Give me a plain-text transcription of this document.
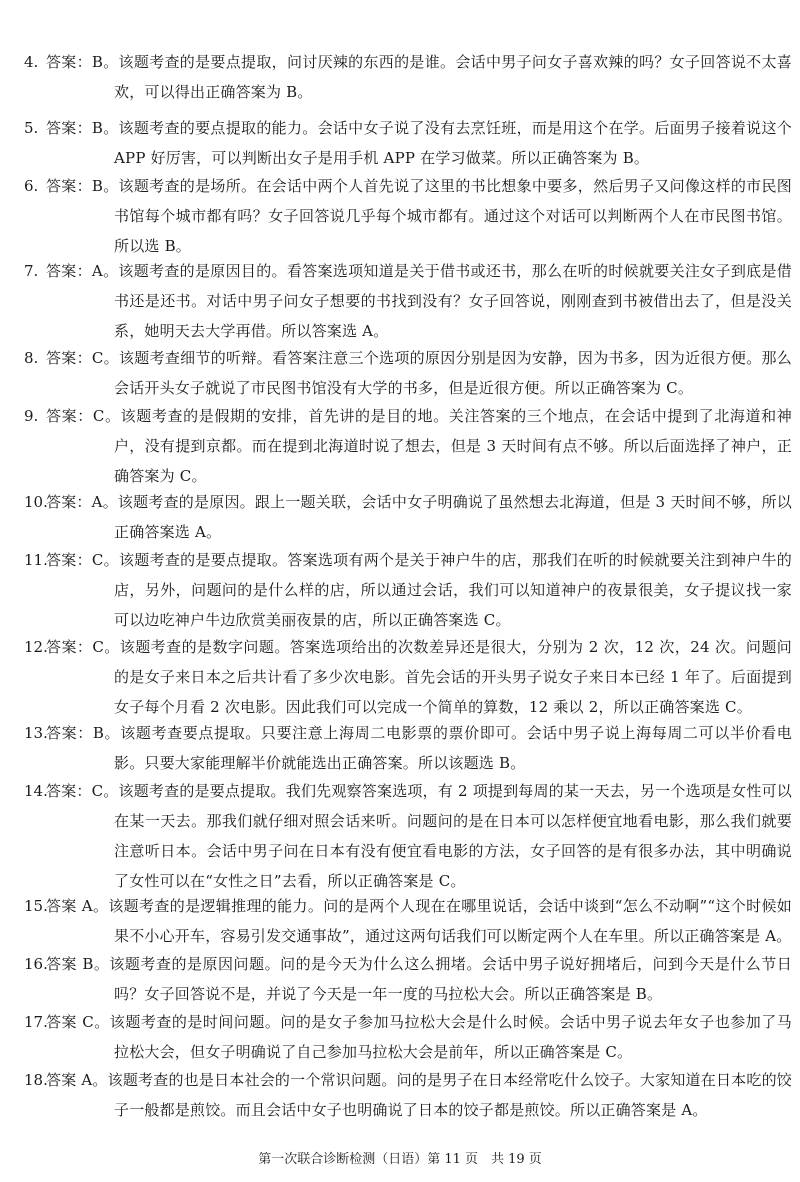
4. 答案：B。该题考查的是要点提取，问讨厌辣的东西的是谁。会话中男子问女子喜欢辣的吗？女子回答说不太喜欢，可以得出正确答案为 B。
5. 答案：B。该题考查的要点提取的能力。会话中女子说了没有去烹饪班，而是用这个在学。后面男子接着说这个 APP 好厉害，可以判断出女子是用手机 APP 在学习做菜。所以正确答案为 B。
6. 答案：B。该题考查的是场所。在会话中两个人首先说了这里的书比想象中要多，然后男子又问像这样的市民图书馆每个城市都有吗？女子回答说几乎每个城市都有。通过这个对话可以判断两个人在市民图书馆。所以选 B。
7. 答案：A。该题考查的是原因目的。看答案选项知道是关于借书或还书，那么在听的时候就要关注女子到底是借书还是还书。对话中男子问女子想要的书找到没有？女子回答说，刚刚查到书被借出去了，但是没关系，她明天去大学再借。所以答案选 A。
8. 答案：C。该题考查细节的听辩。看答案注意三个选项的原因分别是因为安静，因为书多，因为近很方便。那么会话开头女子就说了市民图书馆没有大学的书多，但是近很方便。所以正确答案为 C。
9. 答案：C。该题考查的是假期的安排，首先讲的是目的地。关注答案的三个地点，在会话中提到了北海道和神户，没有提到京都。而在提到北海道时说了想去，但是 3 天时间有点不够。所以后面选择了神户，正确答案为 C。
10.
答案：A。该题考查的是原因。跟上一题关联，会话中女子明确说了虽然想去北海道，但是 3 天时间不够，所以正确答案选 A。
11.
答案：C。该题考查的是要点提取。答案选项有两个是关于神户牛的店，那我们在听的时候就要关注到神户牛的店，另外，问题问的是什么样的店，所以通过会话，我们可以知道神户的夜景很美，女子提议找一家可以边吃神户牛边欣赏美丽夜景的店，所以正确答案选 C。
12.
答案：C。该题考查的是数字问题。答案选项给出的次数差异还是很大，分别为 2 次，12 次，24 次。问题问的是女子来日本之后共计看了多少次电影。首先会话的开头男子说女子来日本已经 1 年了。后面提到女子每个月看 2 次电影。因此我们可以完成一个简单的算数，12 乘以 2，所以正确答案选 C。
13.
答案：B。该题考查要点提取。只要注意上海周二电影票的票价即可。会话中男子说上海每周二可以半价看电影。只要大家能理解半价就能选出正确答案。所以该题选 B。
14.
答案：C。该题考查的是要点提取。我们先观察答案选项，有 2 项提到每周的某一天去，另一个选项是女性可以在某一天去。那我们就仔细对照会话来听。问题问的是在日本可以怎样便宜地看电影，那么我们就要注意听日本。会话中男子问在日本有没有便宜看电影的方法，女子回答的是有很多办法，其中明确说了女性可以在“女性之日”去看，所以正确答案是 C。
15.
答案 A。该题考查的是逻辑推理的能力。问的是两个人现在在哪里说话，会话中谈到“怎么不动啊”“这个时候如果不小心开车，容易引发交通事故”，通过这两句话我们可以断定两个人在车里。所以正确答案是 A。
16.
答案 B。该题考查的是原因问题。问的是今天为什么这么拥堵。会话中男子说好拥堵后，问到今天是什么节日吗？女子回答说不是，并说了今天是一年一度的马拉松大会。所以正确答案是 B。
17.
答案 C。该题考查的是时间问题。问的是女子参加马拉松大会是什么时候。会话中男子说去年女子也参加了马拉松大会，但女子明确说了自己参加马拉松大会是前年，所以正确答案是 C。
18.
答案 A。该题考查的也是日本社会的一个常识问题。问的是男子在日本经常吃什么饺子。大家知道在日本吃的饺子一般都是煎饺。而且会话中女子也明确说了日本的饺子都是煎饺。所以正确答案是 A。
第一次联合诊断检测（日语）第 11 页　共 19 页
